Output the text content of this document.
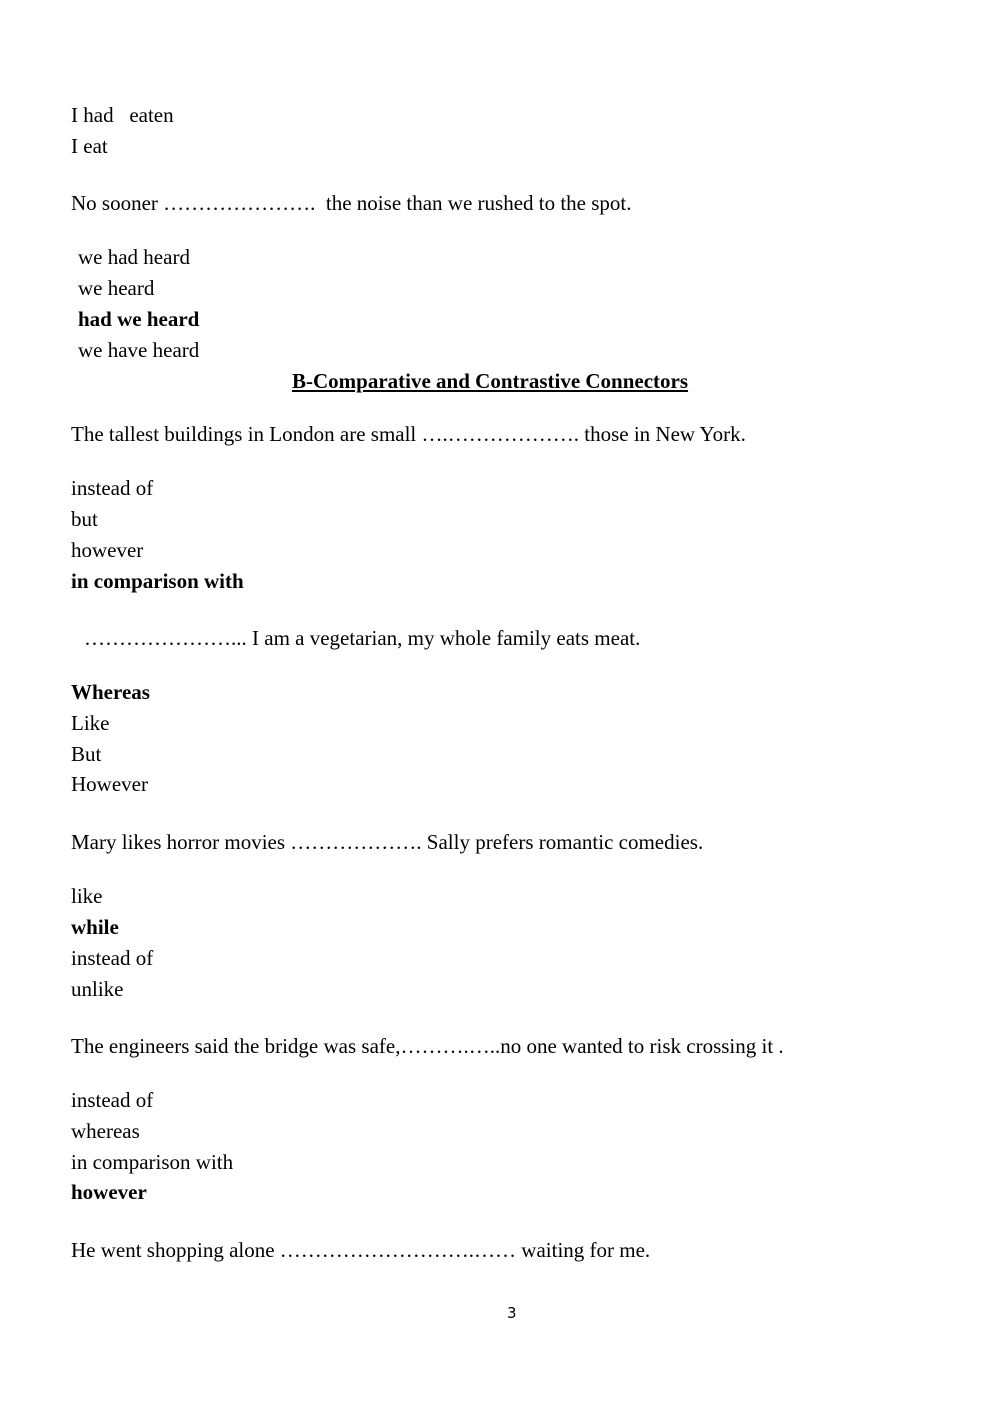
I had   eaten
I eat
No sooner ………………….  the noise than we rushed to the spot.
we had heard
we heard
had we heard
we have heard
B-Comparative and Contrastive Connectors
The tallest buildings in London are small ….………………. those in New York.
instead of
but
however
in comparison with
…………………... I am a vegetarian, my whole family eats meat.
Whereas
Like
But
However
Mary likes horror movies ………………. Sally prefers romantic comedies.
like
while
instead of
unlike
The engineers said the bridge was safe,……….…..no one wanted to risk crossing it .
instead of
whereas
in comparison with
however
He went shopping alone ……………………….…… waiting for me.
3
